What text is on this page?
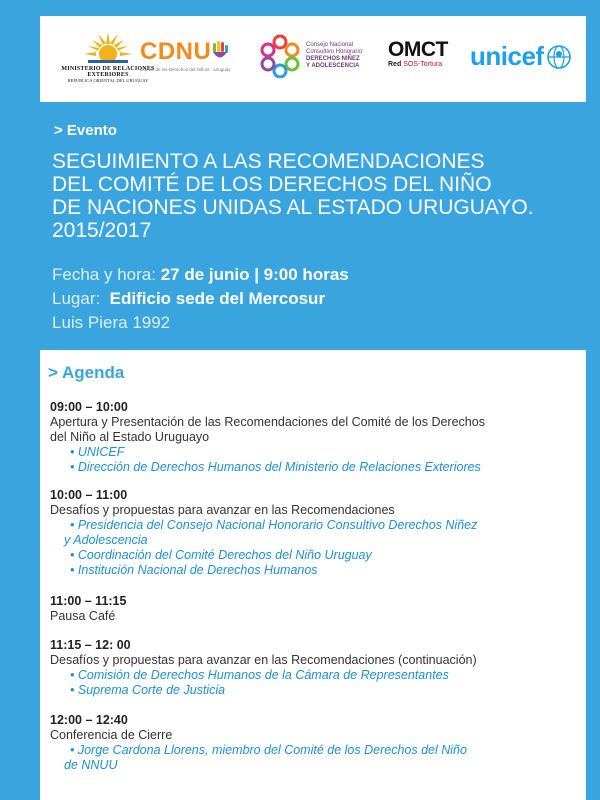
MINISTERIO DE RELACIONES EXTERIORES
REPÚBLICA ORIENTAL DEL URUGUAY
CDNU
Comité de los Derechos del Niño/a · Uruguay
Consejo Nacional
Consultivo Honorario
DERECHOS NIÑEZ
Y ADOLESCENCIA
OMCT
Red SOS-Tortura unicef
> Evento
SEGUIMIENTO A LAS RECOMENDACIONES
DEL COMITÉ DE LOS DERECHOS DEL NIÑO
DE NACIONES UNIDAS AL ESTADO URUGUAYO.
2015/2017
Fecha y hora: 27 de junio | 9:00 horas
Lugar: Edificio sede del Mercosur
Luis Piera 1992
> Agenda
09:00 – 10:00
Apertura y Presentación de las Recomendaciones del Comité de los Derechos
del Niño al Estado Uruguayo
• UNICEF
• Dirección de Derechos Humanos del Ministerio de Relaciones Exteriores
10:00 – 11:00
Desafíos y propuestas para avanzar en las Recomendaciones
• Presidencia del Consejo Nacional Honorario Consultivo Derechos Niñez
y Adolescencia
• Coordinación del Comité Derechos del Niño Uruguay
• Institución Nacional de Derechos Humanos
11:00 – 11:15
Pausa Café
11:15 – 12: 00
Desafíos y propuestas para avanzar en las Recomendaciones (continuación)
• Comisión de Derechos Humanos de la Cámara de Representantes
• Suprema Corte de Justicia
12:00 – 12:40
Conferencia de Cierre
• Jorge Cardona Llorens, miembro del Comité de los Derechos del Niño
de NNUU
